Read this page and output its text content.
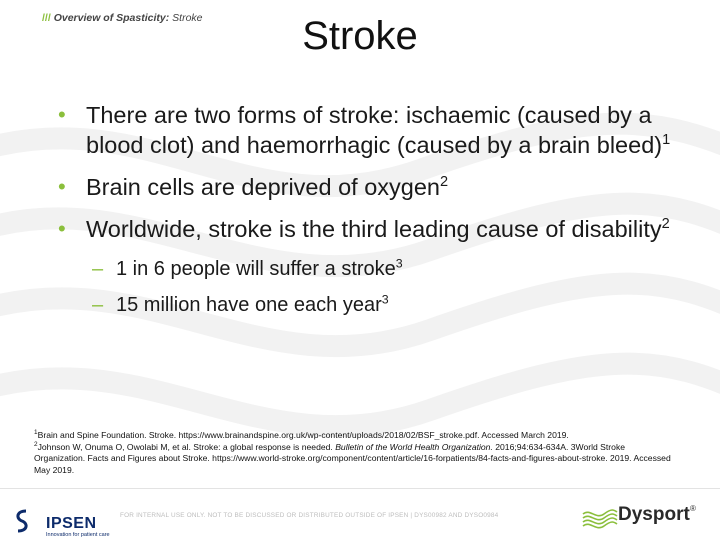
/// Overview of Spasticity: Stroke	Stroke
• There are two forms of stroke: ischaemic (caused by a blood clot) and haemorrhagic (caused by a brain bleed)$^1$
• Brain cells are deprived of oxygen$^2$
• Worldwide, stroke is the third leading cause of disability$^2$
– 1 in 6 people will suffer a stroke$^3$
– 15 million have one each year$^3$
$^1$Brain and Spine Foundation. Stroke. https://www.brainandspine.org.uk/wp-content/uploads/2018/02/BSF_stroke.pdf. Accessed March 2019.
$^2$Johnson W, Onuma O, Owolabi M, et al. Stroke: a global response is needed. Bulletin of the World Health Organization. 2016;94:634-634A. 3World Stroke Organization. Facts and Figures about Stroke. https://www.world-stroke.org/component/content/article/16-forpatients/84-facts-and-figures-about-stroke. 2019. Accessed May 2019.
IPSEN
Innovation for patient care
FOR INTERNAL USE ONLY. NOT TO BE DISCUSSED OR DISTRIBUTED OUTSIDE OF IPSEN | DYS00982 AND DYSO0984	Dysport ®
